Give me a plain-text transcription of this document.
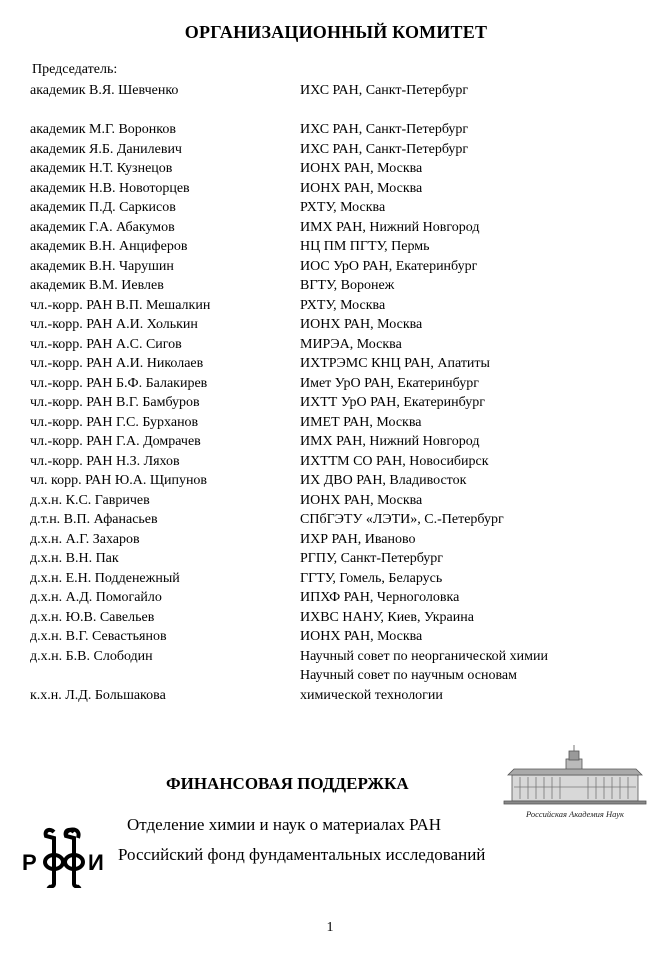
ОРГАНИЗАЦИОННЫЙ КОМИТЕТ
Председатель:
академик В.Я. Шевченко	ИХС РАН, Санкт-Петербург
академик М.Г. Воронков	ИХС РАН, Санкт-Петербург
академик Я.Б. Данилевич	ИХС РАН, Санкт-Петербург
академик Н.Т. Кузнецов	ИОНХ РАН, Москва
академик Н.В. Новоторцев	ИОНХ РАН, Москва
академик П.Д. Саркисов	РХТУ, Москва
академик Г.А. Абакумов	ИМХ РАН, Нижний Новгород
академик В.Н. Анциферов	НЦ ПМ ПГТУ, Пермь
академик В.Н. Чарушин	ИОС УрО РАН, Екатеринбург
академик В.М. Иевлев	ВГТУ, Воронеж
чл.-корр. РАН В.П. Мешалкин	РХТУ, Москва
чл.-корр. РАН А.И. Холькин	ИОНХ РАН, Москва
чл.-корр. РАН А.С. Сигов	МИРЭА, Москва
чл.-корр. РАН А.И. Николаев	ИХТРЭМС КНЦ РАН, Апатиты
чл.-корр. РАН Б.Ф. Балакирев	Имет УрО РАН, Екатеринбург
чл.-корр. РАН В.Г. Бамбуров	ИХТТ УрО РАН, Екатеринбург
чл.-корр. РАН Г.С. Бурханов	ИМЕТ РАН, Москва
чл.-корр. РАН Г.А. Домрачев	ИМХ РАН, Нижний Новгород
чл.-корр. РАН Н.З. Ляхов	ИХТТМ СО РАН, Новосибирск
чл. корр. РАН Ю.А. Щипунов	ИХ ДВО РАН, Владивосток
д.х.н. К.С. Гавричев	ИОНХ РАН, Москва
д.т.н. В.П. Афанасьев	СПбГЭТУ «ЛЭТИ», С.-Петербург
д.х.н. А.Г. Захаров	ИХР РАН, Иваново
д.х.н. В.Н. Пак	РГПУ, Санкт-Петербург
д.х.н. Е.Н. Подденежный	ГГТУ, Гомель, Беларусь
д.х.н. А.Д. Помогайло	ИПХФ РАН, Черноголовка
д.х.н. Ю.В. Савельев	ИХВС НАНУ, Киев, Украина
д.х.н. В.Г. Севастьянов	ИОНХ РАН, Москва
д.х.н. Б.В. Слободин	Научный совет по неорганической химии
Научный совет по научным основам
к.х.н. Л.Д. Большакова	химической технологии
Российская Академия Наук
ФИНАНСОВАЯ ПОДДЕРЖКА
Отделение химии и наук о материалах РАН
Р И Российский фонд фундаментальных исследований
1
